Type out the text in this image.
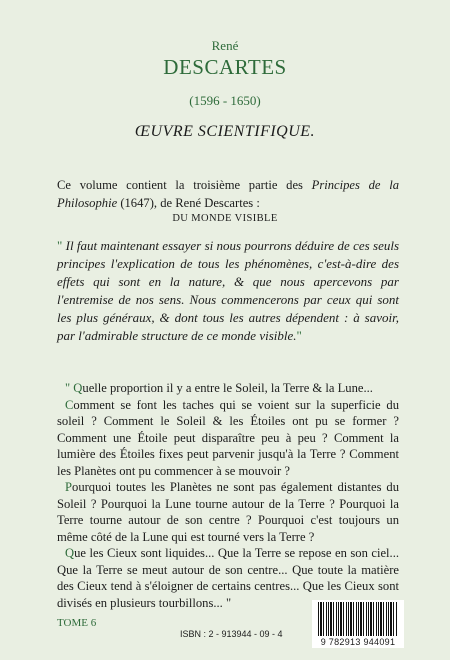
René
DESCARTES
(1596 - 1650)
ŒUVRE SCIENTIFIQUE.
Ce volume contient la troisième partie des Principes de la Philosophie (1647), de René Descartes :
DU MONDE VISIBLE
" Il faut maintenant essayer si nous pourrons déduire de ces seuls principes l'explication de tous les phénomènes, c'est-à-dire des effets qui sont en la nature, & que nous apercevons par l'entremise de nos sens. Nous commencerons par ceux qui sont les plus généraux, & dont tous les autres dépendent : à savoir, par l'admirable structure de ce monde visible."

" Quelle proportion il y a entre le Soleil, la Terre & la Lune...

Comment se font les taches qui se voient sur la superficie du soleil ? Comment le Soleil & les Étoiles ont pu se former ? Comment une Étoile peut disparaître peu à peu ? Comment la lumière des Étoiles fixes peut parvenir jusqu'à la Terre ? Comment les Planètes ont pu commencer à se mouvoir ?

Pourquoi toutes les Planètes ne sont pas également distantes du Soleil ? Pourquoi la Lune tourne autour de la Terre ? Pourquoi la Terre tourne autour de son centre ? Pourquoi c'est toujours un même côté de la Lune qui est tourné vers la Terre ?

Que les Cieux sont liquides... Que la Terre se repose en son ciel... Que la Terre se meut autour de son centre... Que toute la matière des Cieux tend à s'éloigner de certains centres... Que les Cieux sont divisés en plusieurs tourbillons... "

TOME 6
ISBN : 2 - 913944 - 09 - 4
9 782913 944091
